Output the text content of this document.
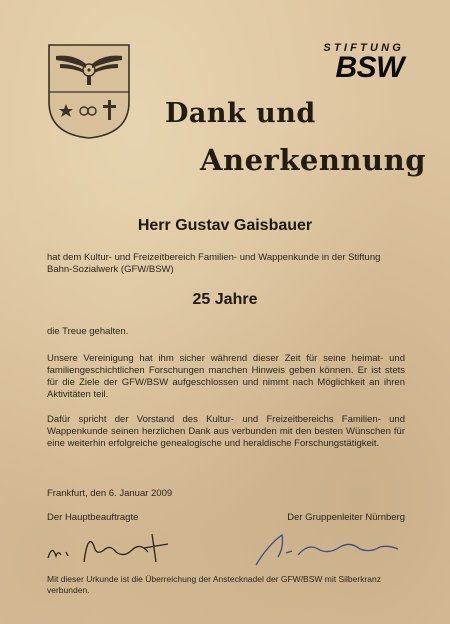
STIFTUNG
BSW
Dank und
Anerkennung
Herr Gustav Gaisbauer
hat dem Kultur- und Freizeitbereich Familien- und Wappenkunde in der Stiftung Bahn-Sozialwerk (GFW/BSW)
25 Jahre
die Treue gehalten.
Unsere Vereinigung hat ihm sicher während dieser Zeit für seine heimat- und familiengeschichtlichen Forschungen manchen Hinweis geben können. Er ist stets für die Ziele der GFW/BSW aufgeschlossen und nimmt nach Möglichkeit an ihren Aktivitäten teil.
Dafür spricht der Vorstand des Kultur- und Freizeitbereichs Familien- und Wappenkunde seinen herzlichen Dank aus verbunden mit den besten Wünschen für eine weiterhin erfolgreiche genealogische und heraldische Forschungstätigkeit.
Frankfurt, den 6. Januar 2009
Der Hauptbeauftragte	Der Gruppenleiter Nürnberg
Mit dieser Urkunde ist die Überreichung der Anstecknadel der GFW/BSW mit Silberkranz verbunden.
